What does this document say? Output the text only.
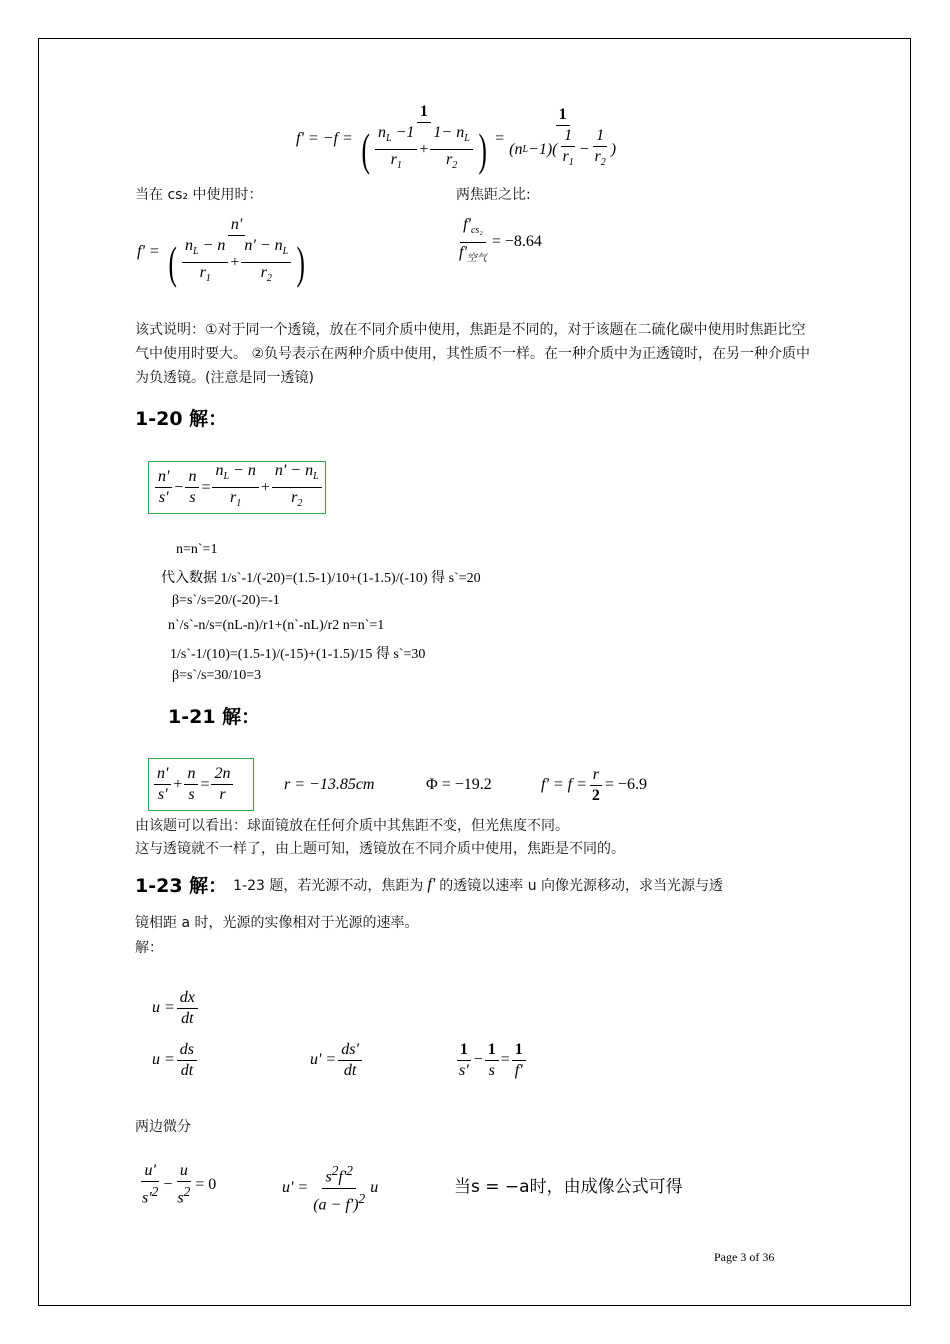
$f' = -f = \frac{1}{( \frac{n_L -1}{r_1} + \frac{1- n_L}{r_2} )} = \frac{1}{(n L -1)( \frac{1}{r_1} - \frac{1}{r_2} )}$
当在 cs₂ 中使用时：	两焦距之比:
$f' = \frac{n'}{( \frac{n_L - n}{r_1} + \frac{n' - n_L}{r_2} )}$	$\frac{f'_{cs_2}}{f'_{空气}} = -8.64$
该式说明：①对于同一个透镜，放在不同介质中使用，焦距是不同的，对于该题在二硫化碳中使用时焦距比空气中使用时要大。 ②负号表示在两种介质中使用，其性质不一样。在一种介质中为正透镜时，在另一种介质中为负透镜。(注意是同一透镜)
1-20 解：
$\frac{n'}{s'} - \frac{n}{s} = \frac{n_L - n}{r_1} + \frac{n' - n_L}{r_2}$
n=n`=1
代入数据 1/s`-1/(-20)=(1.5-1)/10+(1-1.5)/(-10) 得 s`=20
β=s`/s=20/(-20)=-1
n`/s`-n/s=(nL-n)/r1+(n`-nL)/r2 n=n`=1
1/s`-1/(10)=(1.5-1)/(-15)+(1-1.5)/15 得 s`=30
β=s`/s=30/10=3
1-21 解：
$\frac{n'}{s'} + \frac{n}{s} = \frac{2n}{r}$	r = −13.85cm	Φ = −19.2	$f' = f = \frac{r}{2} = -6.9$
由该题可以看出：球面镜放在任何介质中其焦距不变，但光焦度不同。
这与透镜就不一样了，由上题可知，透镜放在不同介质中使用，焦距是不同的。
1-23 解： 1-23 题，若光源不动，焦距为 f' 的透镜以速率 u 向像光源移动，求当光源与透
镜相距 a 时，光源的实像相对于光源的速率。
解：
$u = \frac{dx}{dt}$
$u = \frac{ds}{dt}$	$u' = \frac{ds'}{dt}$	$\frac{1}{s'} - \frac{1}{s} = \frac{1}{f'}$
两边微分
$\frac{u'}{s'^2} - \frac{u}{s^2} = 0$	$u' = \frac{s^2f'^2}{(a - f')^2}$ u	当s = −a时，由成像公式可得
Page 3 of 36
